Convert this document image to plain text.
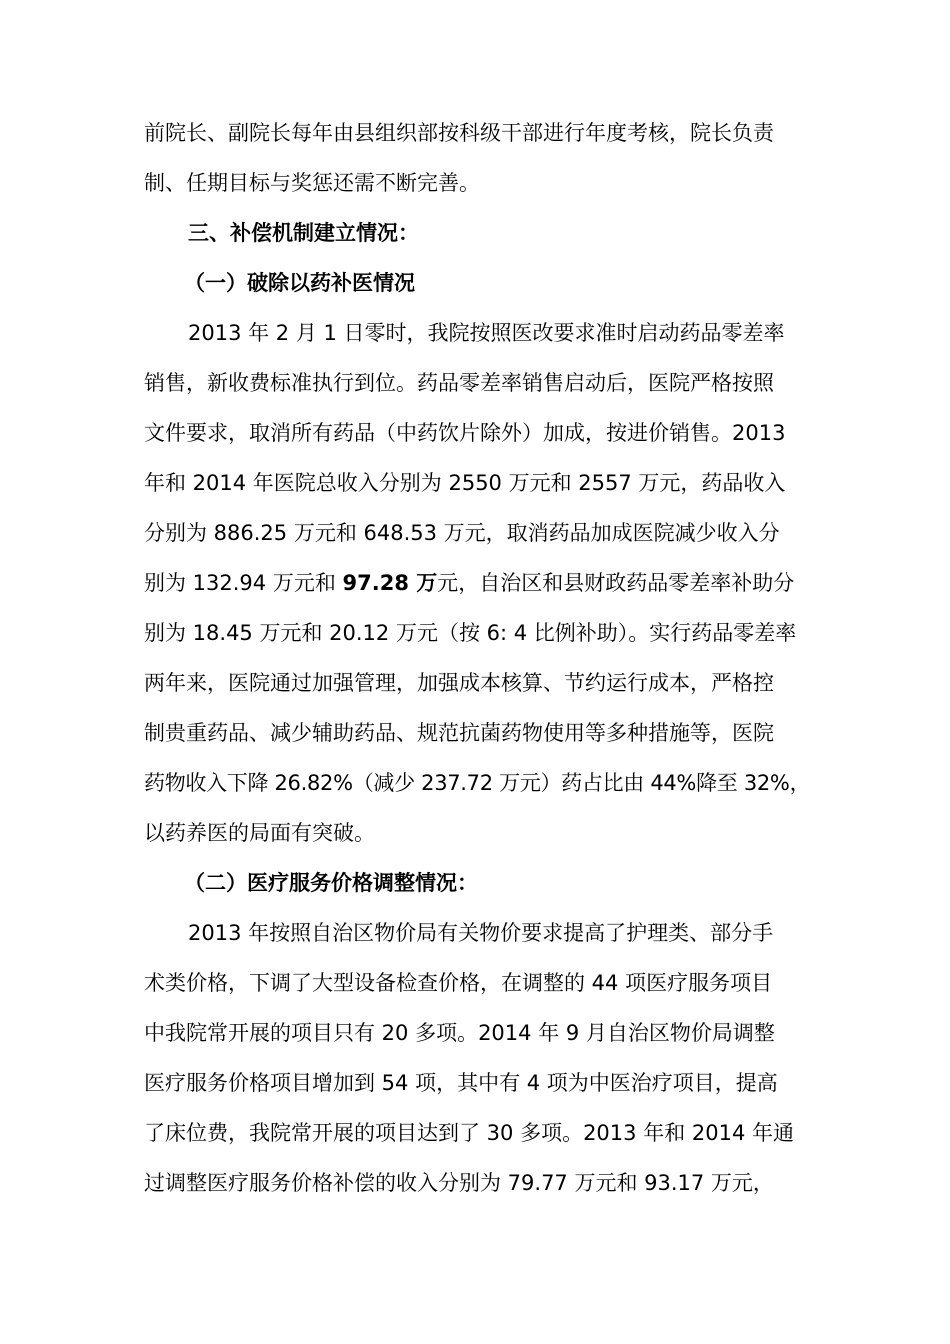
前院长、副院长每年由县组织部按科级干部进行年度考核，院长负责
制、任期目标与奖惩还需不断完善。
三、补偿机制建立情况：
（一）破除以药补医情况
2013 年 2 月 1 日零时，我院按照医改要求准时启动药品零差率
销售，新收费标准执行到位。药品零差率销售启动后，医院严格按照
文件要求，取消所有药品（中药饮片除外）加成，按进价销售。2013
年和 2014 年医院总收入分别为 2550 万元和 2557 万元，药品收入
分别为 886.25 万元和 648.53 万元，取消药品加成医院减少收入分
别为 132.94 万元和 97.28 万元，自治区和县财政药品零差率补助分
别为 18.45 万元和 20.12 万元（按 6: 4 比例补助）。实行药品零差率
两年来，医院通过加强管理，加强成本核算、节约运行成本，严格控
制贵重药品、减少辅助药品、规范抗菌药物使用等多种措施等，医院
药物收入下降 26.82%（减少 237.72 万元）药占比由 44%降至 32%，
以药养医的局面有突破。
（二）医疗服务价格调整情况：
2013 年按照自治区物价局有关物价要求提高了护理类、部分手
术类价格，下调了大型设备检查价格，在调整的 44 项医疗服务项目
中我院常开展的项目只有 20 多项。2014 年 9 月自治区物价局调整
医疗服务价格项目增加到 54 项，其中有 4 项为中医治疗项目，提高
了床位费，我院常开展的项目达到了 30 多项。2013 年和 2014 年通
过调整医疗服务价格补偿的收入分别为 79.77 万元和 93.17 万元，
